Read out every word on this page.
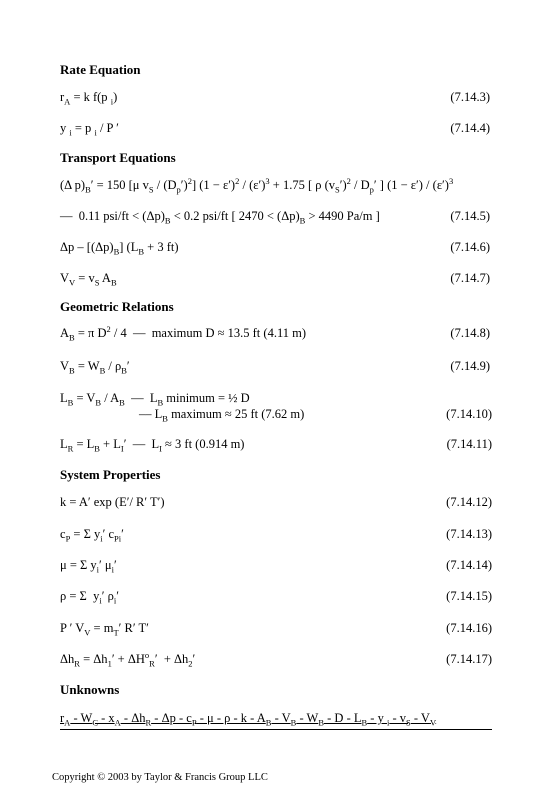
Rate Equation
$r_A = k$ f(p $_i$)	(7.14.3)
y $_i$ = p $_i$ / P ′	(7.14.4)
Transport Equations
(Δ $p)_B' = 150$ [μ $v_S / (D_p')^2$] $(1 - \varepsilon')^2 / (\varepsilon')^3 + 1.75$ [ ρ $(v_S')^2 / D_p'$ ] $(1 - \varepsilon') / (\varepsilon')^3$
—  0.11 $psi/ft < (\Delta p)_B < 0.2$ psi/ft [ $2470 < (\Delta p)_B > 4490$ Pa/m ]	(7.14.5)
$\Delta p - [(\Delta p)_B] (L_B + 3$ ft)	(7.14.6)
$V_V = v_S$ $A_B$	(7.14.7)
Geometric Relations
$A_B = \pi$ $D^2 / 4$  —  maximum D ≈ 13.5 ft (4.11 m)	(7.14.8)
$V_B = W_B / \rho_B'$	(7.14.9)
$L_B = V_B / A_B$  —  $L_B$ minimum = ½ D
–– $L_B$ maximum ≈ 25 ft (7.62 m)	(7.14.10)
$L_R = L_B + L_I'$  —  $L_I \approx 3$ ft (0.914 m)	(7.14.11)
System Properties
k = A′ exp (E′/ R′ T′)	(7.14.12)
$c_P = \Sigma$ $y_i'$ $c_{Pi}'$	(7.14.13)
μ = Σ $y_i'$ $\mu_i'$	(7.14.14)
ρ = Σ  $y_i'$ $\rho_i'$	(7.14.15)
P ′ $V_V = m_T'$ R′ T′	(7.14.16)
$\Delta h_R = \Delta h_1' + \Delta H^o_R' + \Delta h_2'$	(7.14.17)
Unknowns
$r_A - W_C - x_A - \Delta h_R$ - Δp - $c_P$ - μ - ρ - k - $A_B - V_B - W_B$ - D - $L_B$ - y $_i - v_S - V_V$
Copyright © 2003 by Taylor & Francis Group LLC
